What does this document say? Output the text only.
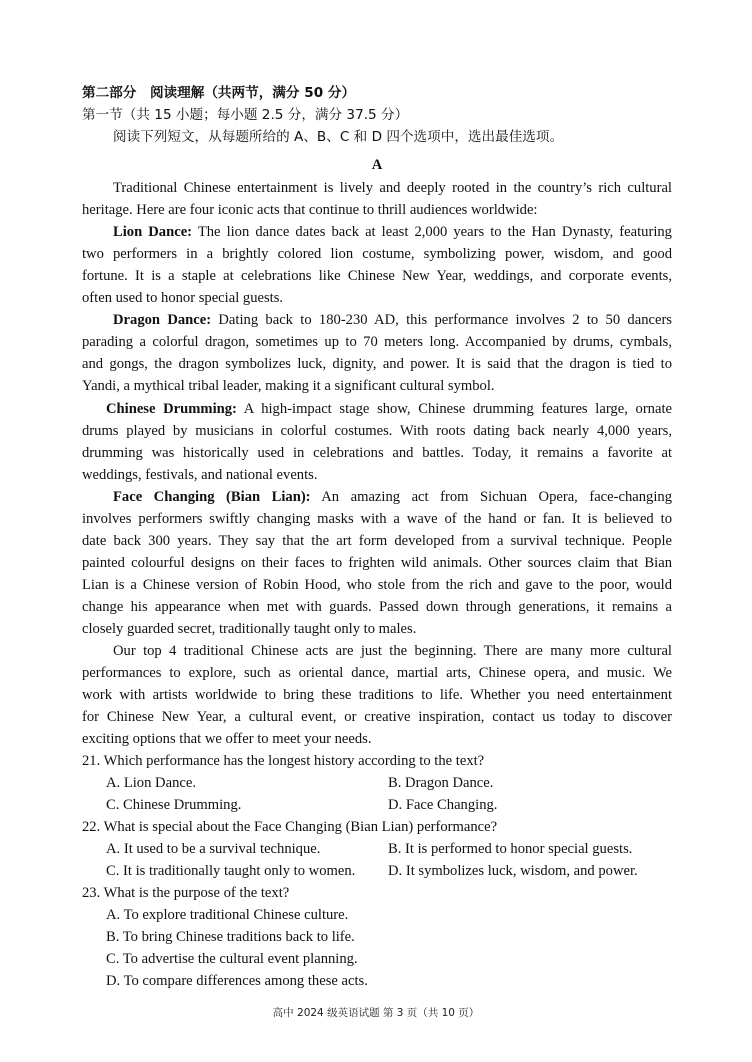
第二部分　阅读理解（共两节，满分 50 分）
第一节（共 15 小题；每小题 2.5 分，满分 37.5 分）
阅读下列短文，从每题所给的 A、B、C 和 D 四个选项中，选出最佳选项。
A
Traditional Chinese entertainment is lively and deeply rooted in the country’s rich cultural
heritage. Here are four iconic acts that continue to thrill audiences worldwide:
Lion Dance: The lion dance dates back at least 2,000 years to the Han Dynasty, featuring
two performers in a brightly colored lion costume, symbolizing power, wisdom, and good
fortune. It is a staple at celebrations like Chinese New Year, weddings, and corporate events,
often used to honor special guests.
Dragon Dance: Dating back to 180-230 AD, this performance involves 2 to 50 dancers
parading a colorful dragon, sometimes up to 70 meters long. Accompanied by drums, cymbals,
and gongs, the dragon symbolizes luck, dignity, and power. It is said that the dragon is tied to
Yandi, a mythical tribal leader, making it a significant cultural symbol.
Chinese Drumming: A high-impact stage show, Chinese drumming features large, ornate
drums played by musicians in colorful costumes. With roots dating back nearly 4,000 years,
drumming was historically used in celebrations and battles. Today, it remains a favorite at
weddings, festivals, and national events.
Face Changing (Bian Lian): An amazing act from Sichuan Opera, face-changing
involves performers swiftly changing masks with a wave of the hand or fan. It is believed to
date back 300 years. They say that the art form developed from a survival technique. People
painted colourful designs on their faces to frighten wild animals. Other sources claim that Bian
Lian is a Chinese version of Robin Hood, who stole from the rich and gave to the poor, would
change his appearance when met with guards. Passed down through generations, it remains a
closely guarded secret, traditionally taught only to males.
Our top 4 traditional Chinese acts are just the beginning. There are many more cultural
performances to explore, such as oriental dance, martial arts, Chinese opera, and music. We
work with artists worldwide to bring these traditions to life. Whether you need entertainment
for Chinese New Year, a cultural event, or creative inspiration, contact us today to discover
exciting options that we offer to meet your needs.
21. Which performance has the longest history according to the text?
A. Lion Dance.	B. Dragon Dance.
C. Chinese Drumming.	D. Face Changing.
22. What is special about the Face Changing (Bian Lian) performance?
A. It used to be a survival technique.	B. It is performed to honor special guests.
C. It is traditionally taught only to women.	D. It symbolizes luck, wisdom, and power.
23. What is the purpose of the text?
A. To explore traditional Chinese culture.
B. To bring Chinese traditions back to life.
C. To advertise the cultural event planning.
D. To compare differences among these acts.
高中 2024 级英语试题 第 3 页（共 10 页）
